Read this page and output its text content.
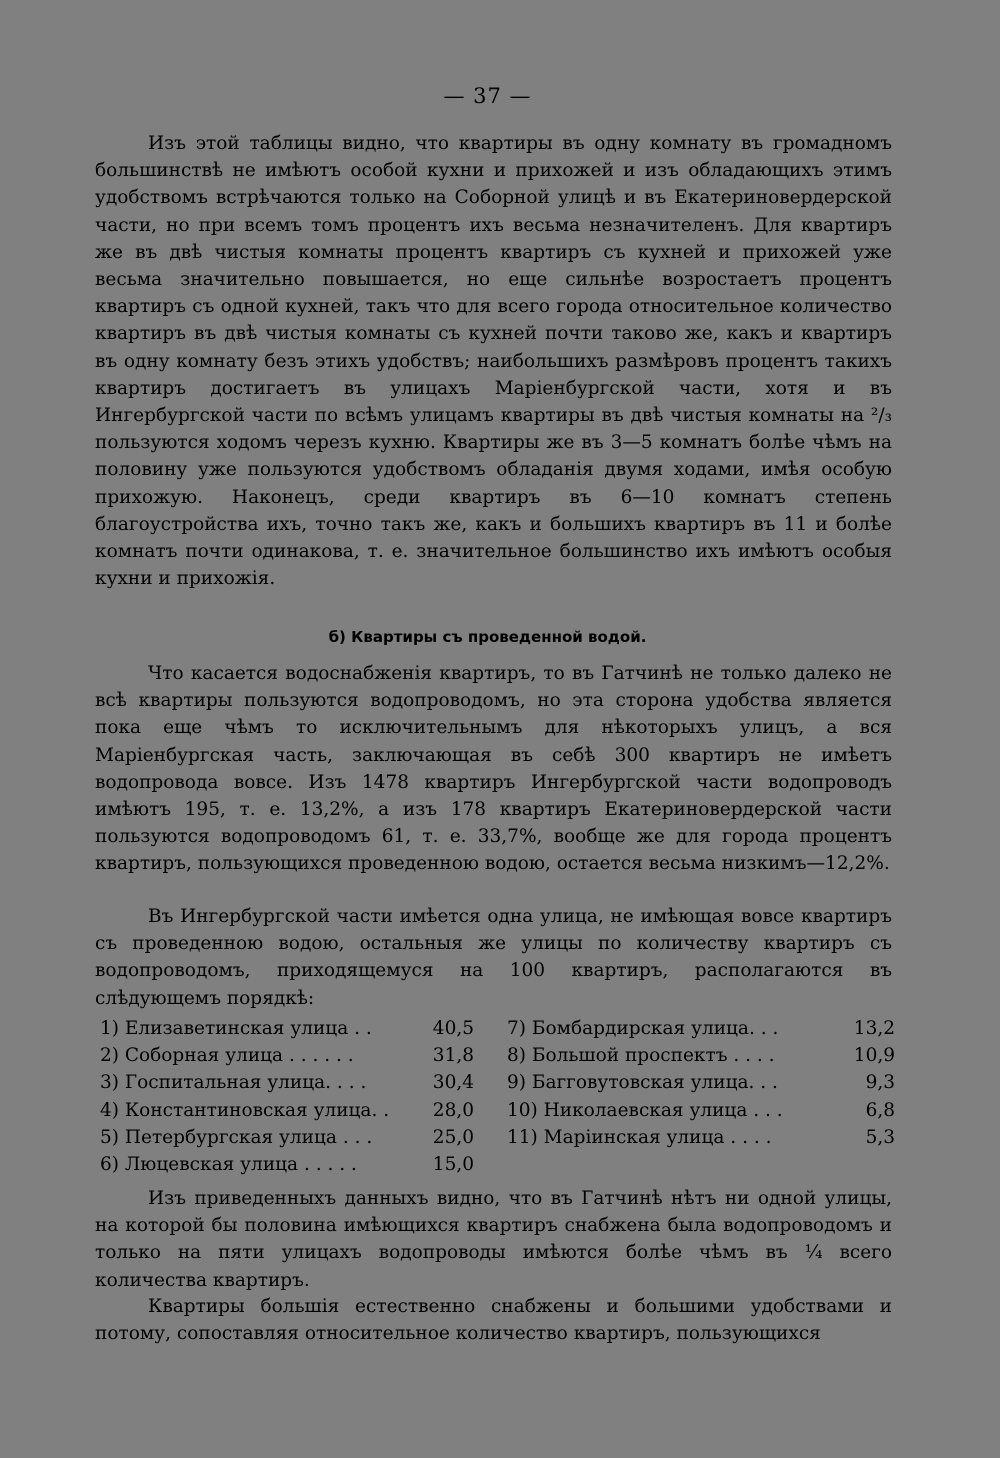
— 37 —

Изъ этой таблицы видно, что квартиры въ одну комнату въ громадномъ большинствѣ не имѣютъ особой кухни и прихожей и изъ обладающихъ этимъ удобствомъ встрѣчаются только на Соборной улицѣ и въ Екатериновердерской части, но при всемъ томъ процентъ ихъ весьма незначителенъ. Для квартиръ же въ двѣ чистыя комнаты процентъ квартиръ съ кухней и прихожей уже весьма значительно повышается, но еще сильнѣе возростаетъ процентъ квартиръ съ одной кухней, такъ что для всего города относительное количество квартиръ въ двѣ чистыя комнаты съ кухней почти таково же, какъ и квартиръ въ одну комнату безъ этихъ удобствъ; наибольшихъ размѣровъ процентъ такихъ квартиръ достигаетъ въ улицахъ Маріенбургской части, хотя и въ Ингербургской части по всѣмъ улицамъ квартиры въ двѣ чистыя комнаты на ²/₃ пользуются ходомъ черезъ кухню. Квартиры же въ 3—5 комнатъ болѣе чѣмъ на половину уже пользуются удобствомъ обладанія двумя ходами, имѣя особую прихожую. Наконецъ, среди квартиръ въ 6—10 комнатъ степень благоустройства ихъ, точно такъ же, какъ и большихъ квартиръ въ 11 и болѣе комнатъ почти одинакова, т. е. значительное большинство ихъ имѣютъ особыя кухни и прихожія.

б) Квартиры съ проведенной водой.

Что касается водоснабженія квартиръ, то въ Гатчинѣ не только далеко не всѣ квартиры пользуются водопроводомъ, но эта сторона удобства является пока еще чѣмъ то исключительнымъ для нѣкоторыхъ улицъ, а вся Маріенбургская часть, заключающая въ себѣ 300 квартиръ не имѣетъ водопровода вовсе. Изъ 1478 квартиръ Ингербургской части водопроводъ имѣютъ 195, т. е. 13,2%, а изъ 178 квартиръ Екатериновердерской части пользуются водопроводомъ 61, т. е. 33,7%, вообще же для города процентъ квартиръ, пользующихся проведенною водою, остается весьма низкимъ—12,2%.

Въ Ингербургской части имѣется одна улица, не имѣющая вовсе квартиръ съ проведенною водою, остальныя же улицы по количеству квартиръ съ водопроводомъ, приходящемуся на 100 квартиръ, располагаются въ слѣдующемъ порядкѣ:

1) Елизаветинская улица . .	40,5
2) Соборная улица . . . . . .	31,8
3) Госпитальная улица. . . .	30,4
4) Константиновская улица. . 28,0
5) Петербургская улица . . .	25,0
6) Люцевская улица . . . . .	15,0
7) Бомбардирская улица. . .	13,2
8) Большой проспектъ . . . .	10,9
9) Багговутовская улица. . .	9,3
10) Николаевская улица . . .	6,8
11) Маріинская улица . . . .	5,3

Изъ приведенныхъ данныхъ видно, что въ Гатчинѣ нѣтъ ни одной улицы, на которой бы половина имѣющихся квартиръ снабжена была водопроводомъ и только на пяти улицахъ водопроводы имѣются болѣе чѣмъ въ ¼ всего количества квартиръ.

Квартиры большія естественно снабжены и большими удобствами и потому, сопоставляя относительное количество квартиръ, пользующихся
